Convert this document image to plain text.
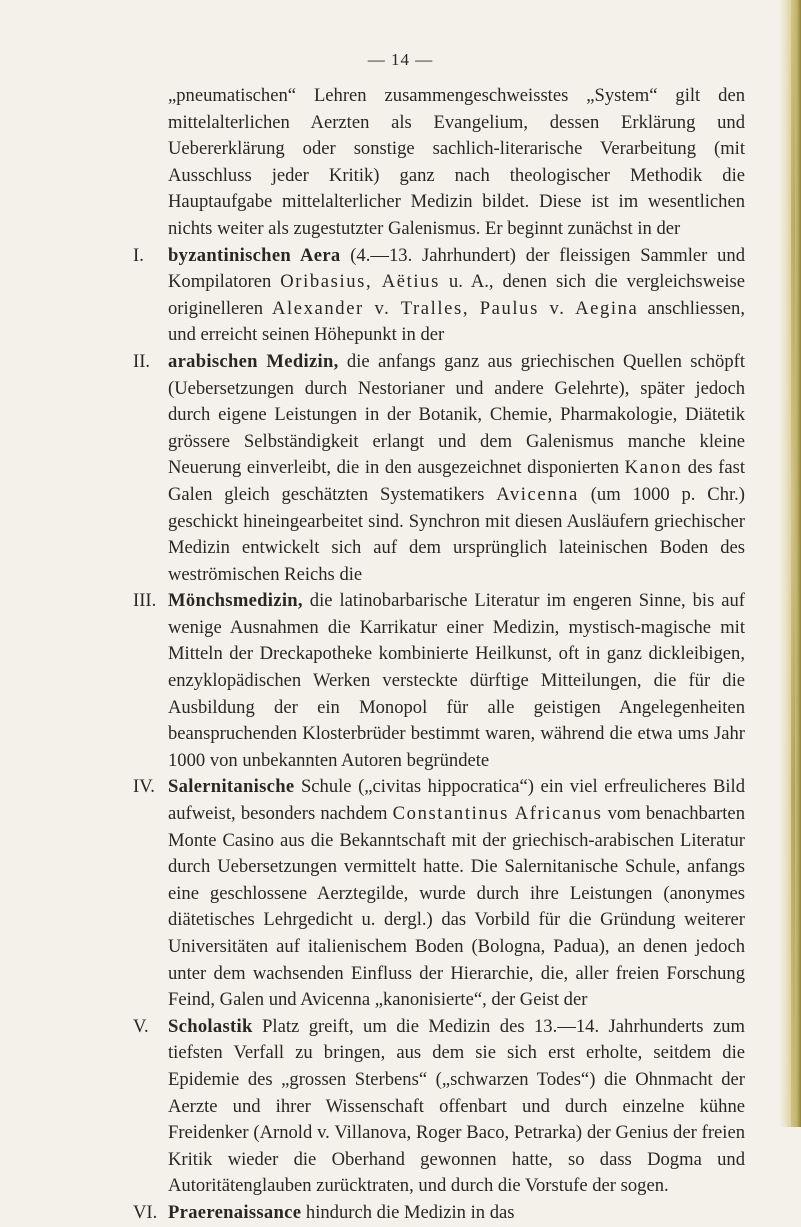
— 14 —

„pneumatischen“ Lehren zusammengeschweisstes „System“ gilt den mittelalterlichen Aerzten als Evangelium, dessen Erklärung und Uebererklärung oder sonstige sachlich-literarische Verarbeitung (mit Ausschluss jeder Kritik) ganz nach theologischer Methodik die Hauptaufgabe mittelalterlicher Medizin bildet. Diese ist im wesentlichen nichts weiter als zugestutzter Galenismus. Er beginnt zunächst in der

I. byzantinischen Aera (4.—13. Jahrhundert) der fleissigen Sammler und Kompilatoren Oribasius, Aëtius u. A., denen sich die vergleichsweise originelleren Alexander v. Tralles, Paulus v. Aegina anschliessen, und erreicht seinen Höhepunkt in der
II. arabischen Medizin, die anfangs ganz aus griechischen Quellen schöpft (Uebersetzungen durch Nestorianer und andere Gelehrte), später jedoch durch eigene Leistungen in der Botanik, Chemie, Pharmakologie, Diätetik grössere Selbständigkeit erlangt und dem Galenismus manche kleine Neuerung einverleibt, die in den ausgezeichnet disponierten Kanon des fast Galen gleich geschätzten Systematikers Avicenna (um 1000 p. Chr.) geschickt hineingearbeitet sind. Synchron mit diesen Ausläufern griechischer Medizin entwickelt sich auf dem ursprünglich lateinischen Boden des weströmischen Reichs die
III. Mönchsmedizin, die latinobarbarische Literatur im engeren Sinne, bis auf wenige Ausnahmen die Karrikatur einer Medizin, mystisch-magische mit Mitteln der Dreckapotheke kombinierte Heilkunst, oft in ganz dickleibigen, enzyklopädischen Werken versteckte dürftige Mitteilungen, die für die Ausbildung der ein Monopol für alle geistigen Angelegenheiten beanspruchenden Klosterbrüder bestimmt waren, während die etwa ums Jahr 1000 von unbekannten Autoren begründete
IV. Salernitanische Schule („civitas hippocratica“) ein viel erfreulicheres Bild aufweist, besonders nachdem Constantinus Africanus vom benachbarten Monte Casino aus die Bekanntschaft mit der griechisch-arabischen Literatur durch Uebersetzungen vermittelt hatte. Die Salernitanische Schule, anfangs eine geschlossene Aerztegilde, wurde durch ihre Leistungen (anonymes diätetisches Lehrgedicht u. dergl.) das Vorbild für die Gründung weiterer Universitäten auf italienischem Boden (Bologna, Padua), an denen jedoch unter dem wachsenden Einfluss der Hierarchie, die, aller freien Forschung Feind, Galen und Avicenna „kanonisierte“, der Geist der
V. Scholastik Platz greift, um die Medizin des 13.—14. Jahrhunderts zum tiefsten Verfall zu bringen, aus dem sie sich erst erholte, seitdem die Epidemie des „grossen Sterbens“ („schwarzen Todes“) die Ohnmacht der Aerzte und ihrer Wissenschaft offenbart und durch einzelne kühne Freidenker (Arnold v. Villanova, Roger Baco, Petrarka) der Genius der freien Kritik wieder die Oberhand gewonnen hatte, so dass Dogma und Autoritätenglauben zurücktraten, und durch die Vorstufe der sogen.
VI. Praerenaissance hindurch die Medizin in das
